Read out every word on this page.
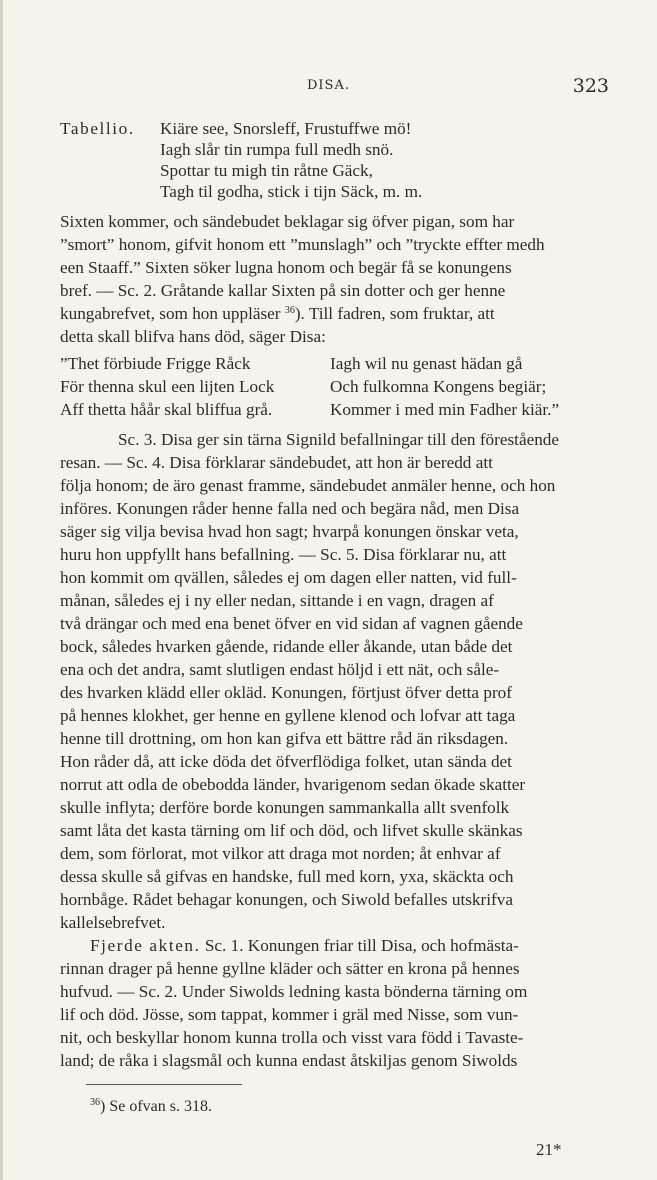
DISA.	323
Tabellio. Kiäre see, Snorsleff, Frustuffwe mö!
Iagh slår tin rumpa full medh snö.
Spottar tu migh tin råtne Gäck,
Tagh til godha, stick i tijn Säck, m. m.
Sixten kommer, och sändebudet beklagar sig öfver pigan, som har
”smort” honom, gifvit honom ett ”munslagh” och ”tryckte effter medh
een Staaff.” Sixten söker lugna honom och begär få se konungens
bref. — Sc. 2. Gråtande kallar Sixten på sin dotter och ger henne
kungabrefvet, som hon uppläser $^{36}$). Till fadren, som fruktar, att
detta skall blifva hans död, säger Disa:
”Thet förbiude Frigge Råck
För thenna skul een lijten Lock
Aff thetta håår skal bliffua grå.
Iagh wil nu genast hädan gå
Och fulkomna Kongens begiär;
Kommer i med min Fadher kiär.”
Sc. 3. Disa ger sin tärna Signild befallningar till den förestående
resan. — Sc. 4. Disa förklarar sändebudet, att hon är beredd att
följa honom; de äro genast framme, sändebudet anmäler henne, och hon
införes. Konungen råder henne falla ned och begära nåd, men Disa
säger sig vilja bevisa hvad hon sagt; hvarpå konungen önskar veta,
huru hon uppfyllt hans befallning. — Sc. 5. Disa förklarar nu, att
hon kommit om qvällen, således ej om dagen eller natten, vid full-
månan, således ej i ny eller nedan, sittande i en vagn, dragen af
två drängar och med ena benet öfver en vid sidan af vagnen gående
bock, således hvarken gående, ridande eller åkande, utan både det
ena och det andra, samt slutligen endast höljd i ett nät, och såle-
des hvarken klädd eller okläd. Konungen, förtjust öfver detta prof
på hennes klokhet, ger henne en gyllene klenod och lofvar att taga
henne till drottning, om hon kan gifva ett bättre råd än riksdagen.
Hon råder då, att icke döda det öfverflödiga folket, utan sända det
norrut att odla de obebodda länder, hvarigenom sedan ökade skatter
skulle inflyta; derföre borde konungen sammankalla allt svenfolk
samt låta det kasta tärning om lif och död, och lifvet skulle skänkas
dem, som förlorat, mot vilkor att draga mot norden; åt enhvar af
dessa skulle så gifvas en handske, full med korn, yxa, skäckta och
hornbåge. Rådet behagar konungen, och Siwold befalles utskrifva
kallelsebrefvet.
Fjerde akten. Sc. 1. Konungen friar till Disa, och hofmästa-
rinnan drager på henne gyllne kläder och sätter en krona på hennes
hufvud. — Sc. 2. Under Siwolds ledning kasta bönderna tärning om
lif och död. Jösse, som tappat, kommer i gräl med Nisse, som vun-
nit, och beskyllar honom kunna trolla och visst vara född i Tavaste-
land; de råka i slagsmål och kunna endast åtskiljas genom Siwolds
$^{36}$) Se ofvan s. 318.
21*
